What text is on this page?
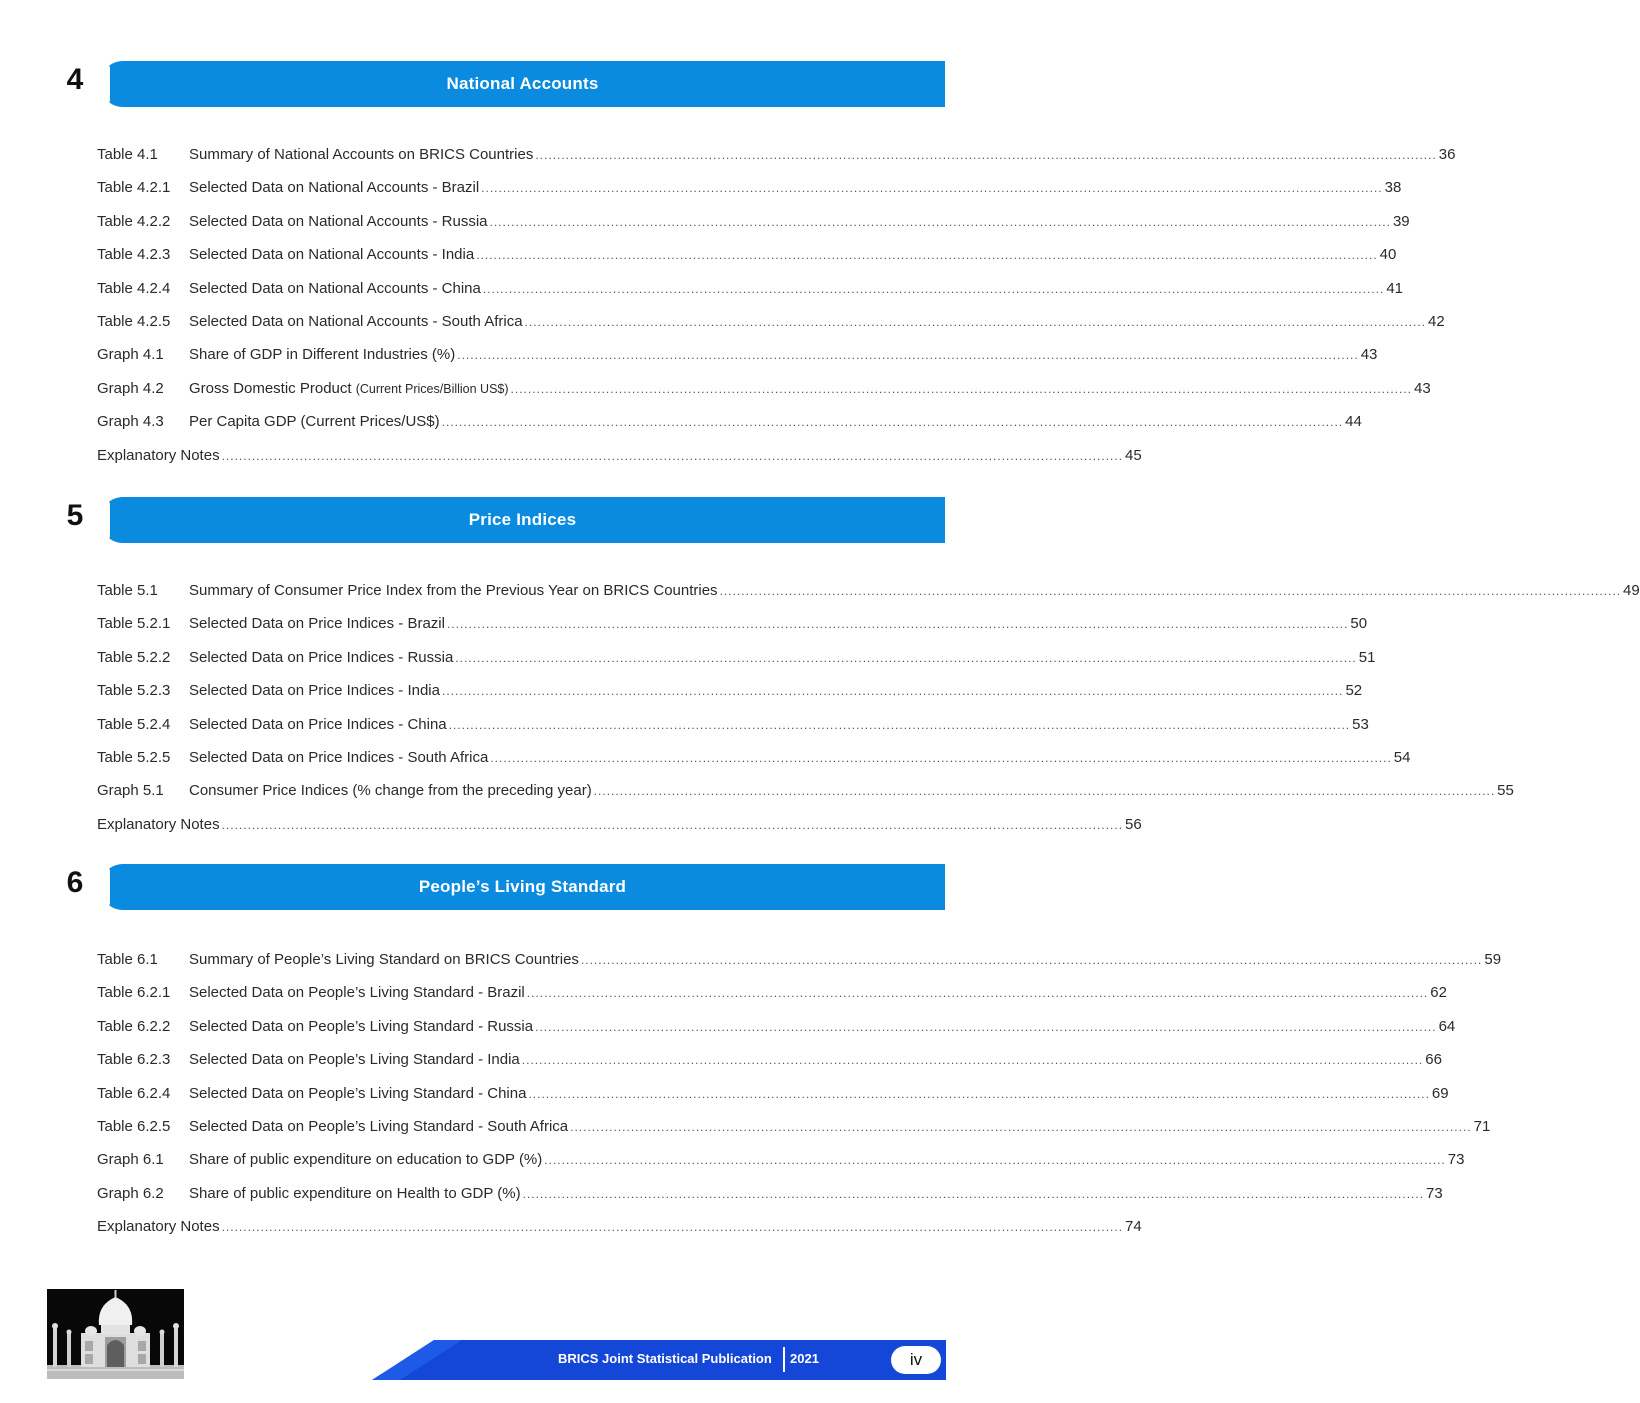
4	National Accounts
Table 4.1	Summary of National Accounts on BRICS Countries .....	36
Table 4.2.1	Selected Data on National Accounts - Brazil .....	38
Table 4.2.2	Selected Data on National Accounts - Russia .....	39
Table 4.2.3	Selected Data on National Accounts - India .....	40
Table 4.2.4	Selected Data on National Accounts - China .....	41
Table 4.2.5	Selected Data on National Accounts - South Africa .....	42
Graph 4.1	Share of GDP in Different Industries (%) .....	43
Graph 4.2	Gross Domestic Product (Current Prices/Billion US$) .....	43
Graph 4.3	Per Capita GDP (Current Prices/US$) .....	44
Explanatory Notes .....	45
5	Price Indices
Table 5.1	Summary of Consumer Price Index from the Previous Year on BRICS Countries .....	49
Table 5.2.1	Selected Data on Price Indices - Brazil .....	50
Table 5.2.2	Selected Data on Price Indices - Russia .....	51
Table 5.2.3	Selected Data on Price Indices - India .....	52
Table 5.2.4	Selected Data on Price Indices - China .....	53
Table 5.2.5	Selected Data on Price Indices - South Africa .....	54
Graph 5.1	Consumer Price Indices (% change from the preceding year) .....	55
Explanatory Notes .....	56
6	People’s Living Standard
Table 6.1	Summary of People’s Living Standard on BRICS Countries .....	59
Table 6.2.1	Selected Data on People’s Living Standard - Brazil .....	62
Table 6.2.2	Selected Data on People’s Living Standard - Russia .....	64
Table 6.2.3	Selected Data on People’s Living Standard - India .....	66
Table 6.2.4	Selected Data on People’s Living Standard - China .....	69
Table 6.2.5	Selected Data on People’s Living Standard - South Africa .....	71
Graph 6.1	Share of public expenditure on education to GDP (%) .....	73
Graph 6.2	Share of public expenditure on Health to GDP (%) .....	73
Explanatory Notes .....	74
BRICS Joint Statistical Publication 2021	iv
